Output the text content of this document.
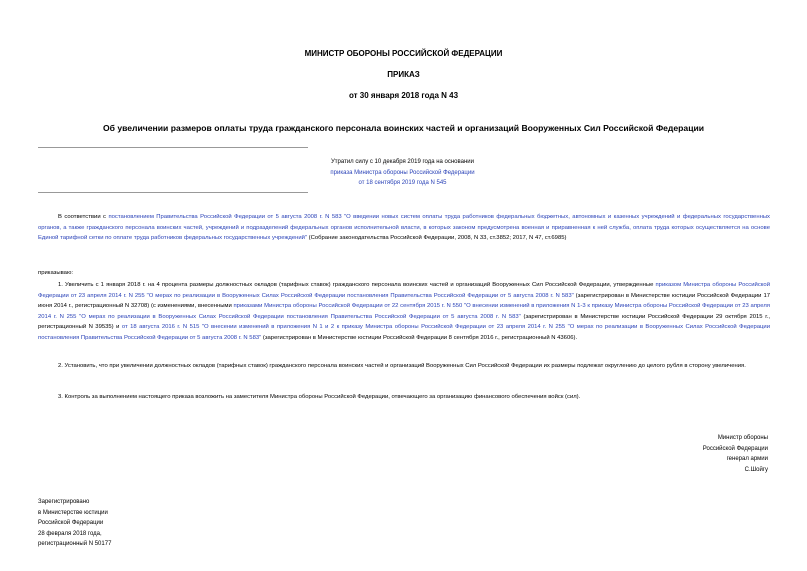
МИНИСТР ОБОРОНЫ РОССИЙСКОЙ ФЕДЕРАЦИИ
ПРИКАЗ
от 30 января 2018 года N 43
Об увеличении размеров оплаты труда гражданского персонала воинских частей и организаций Вооруженных Сил Российской Федерации
Утратил силу с 10 декабря 2019 года на основании
приказа Министра обороны Российской Федерации
от 18 сентября 2019 года N 545
В соответствии с постановлением Правительства Российской Федерации от 5 августа 2008 г. N 583 "О введении новых систем оплаты труда работников федеральных бюджетных, автономных и казенных учреждений и федеральных государственных органов, а также гражданского персонала воинских частей, учреждений и подразделений федеральных органов исполнительной власти, в которых законом предусмотрена военная и приравненная к ней служба, оплата труда которых осуществляется на основе Единой тарифной сетки по оплате труда работников федеральных государственных учреждений" (Собрание законодательства Российской Федерации, 2008, N 33, ст.3852; 2017, N 47, ст.6985)
приказываю:
1. Увеличить с 1 января 2018 г. на 4 процента размеры должностных окладов (тарифных ставок) гражданского персонала воинских частей и организаций Вооруженных Сил Российской Федерации, утвержденные приказом Министра обороны Российской Федерации от 23 апреля 2014 г. N 255 "О мерах по реализации в Вооруженных Силах Российской Федерации постановления Правительства Российской Федерации от 5 августа 2008 г. N 583" (зарегистрирован в Министерстве юстиции Российской Федерации 17 июня 2014 г., регистрационный N 32708) (с изменениями, внесенными приказами Министра обороны Российской Федерации от 22 сентября 2015 г. N 550 "О внесении изменений в приложения N 1-3 к приказу Министра обороны Российской Федерации от 23 апреля 2014 г. N 255 "О мерах по реализации в Вооруженных Силах Российской Федерации постановления Правительства Российской Федерации от 5 августа 2008 г. N 583" (зарегистрирован в Министерстве юстиции Российской Федерации 29 октября 2015 г., регистрационный N 39535) и от 18 августа 2016 г. N 515 "О внесении изменений в приложения N 1 и 2 к приказу Министра обороны Российской Федерации от 23 апреля 2014 г. N 255 "О мерах по реализации в Вооруженных Силах Российской Федерации постановления Правительства Российской Федерации от 5 августа 2008 г. N 583" (зарегистрирован в Министерстве юстиции Российской Федерации 8 сентября 2016 г., регистрационный N 43606).
2. Установить, что при увеличении должностных окладов (тарифных ставок) гражданского персонала воинских частей и организаций Вооруженных Сил Российской Федерации их размеры подлежат округлению до целого рубля в сторону увеличения.
3. Контроль за выполнением настоящего приказа возложить на заместителя Министра обороны Российской Федерации, отвечающего за организацию финансового обеспечения войск (сил).
Министр обороны
Российской Федерации
генерал армии
С.Шойгу
Зарегистрировано
в Министерстве юстиции
Российской Федерации
28 февраля 2018 года,
регистрационный N 50177
